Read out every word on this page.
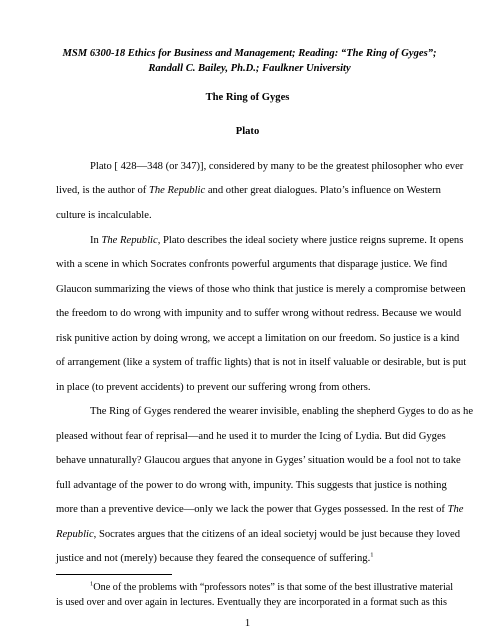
MSM 6300-18 Ethics for Business and Management; Reading: “The Ring of Gyges”;
Randall C. Bailey, Ph.D.; Faulkner University
The Ring of Gyges
Plato
Plato [ 428—348 (or 347)], considered by many to be the greatest philosopher who ever
lived, is the author of The Republic and other great dialogues. Plato’s influence on Western
culture is incalculable.
In The Republic, Plato describes the ideal society where justice reigns supreme. It opens
with a scene in which Socrates confronts powerful arguments that disparage justice. We find
Glaucon summarizing the views of those who think that justice is merely a compromise between
the freedom to do wrong with impunity and to suffer wrong without redress. Because we would
risk punitive action by doing wrong, we accept a limitation on our freedom. So justice is a kind
of arrangement (like a system of traffic lights) that is not in itself valuable or desirable, but is put
in place (to prevent accidents) to prevent our suffering wrong from others.
The Ring of Gyges rendered the wearer invisible, enabling the shepherd Gyges to do as he
pleased without fear of reprisal—and he used it to murder the Icing of Lydia. But did Gyges
behave unnaturally? Glaucou argues that anyone in Gyges’ situation would be a fool not to take
full advantage of the power to do wrong with, impunity. This suggests that justice is nothing
more than a preventive device—only we lack the power that Gyges possessed. In the rest of The
Republic, Socrates argues that the citizens of an ideal societyj would be just because they loved
justice and not (merely) because they feared the consequence of suffering.$^1$
$^1$One of the problems with “professors notes” is that some of the best illustrative material
is used over and over again in lectures. Eventually they are incorporated in a format such as this
1
